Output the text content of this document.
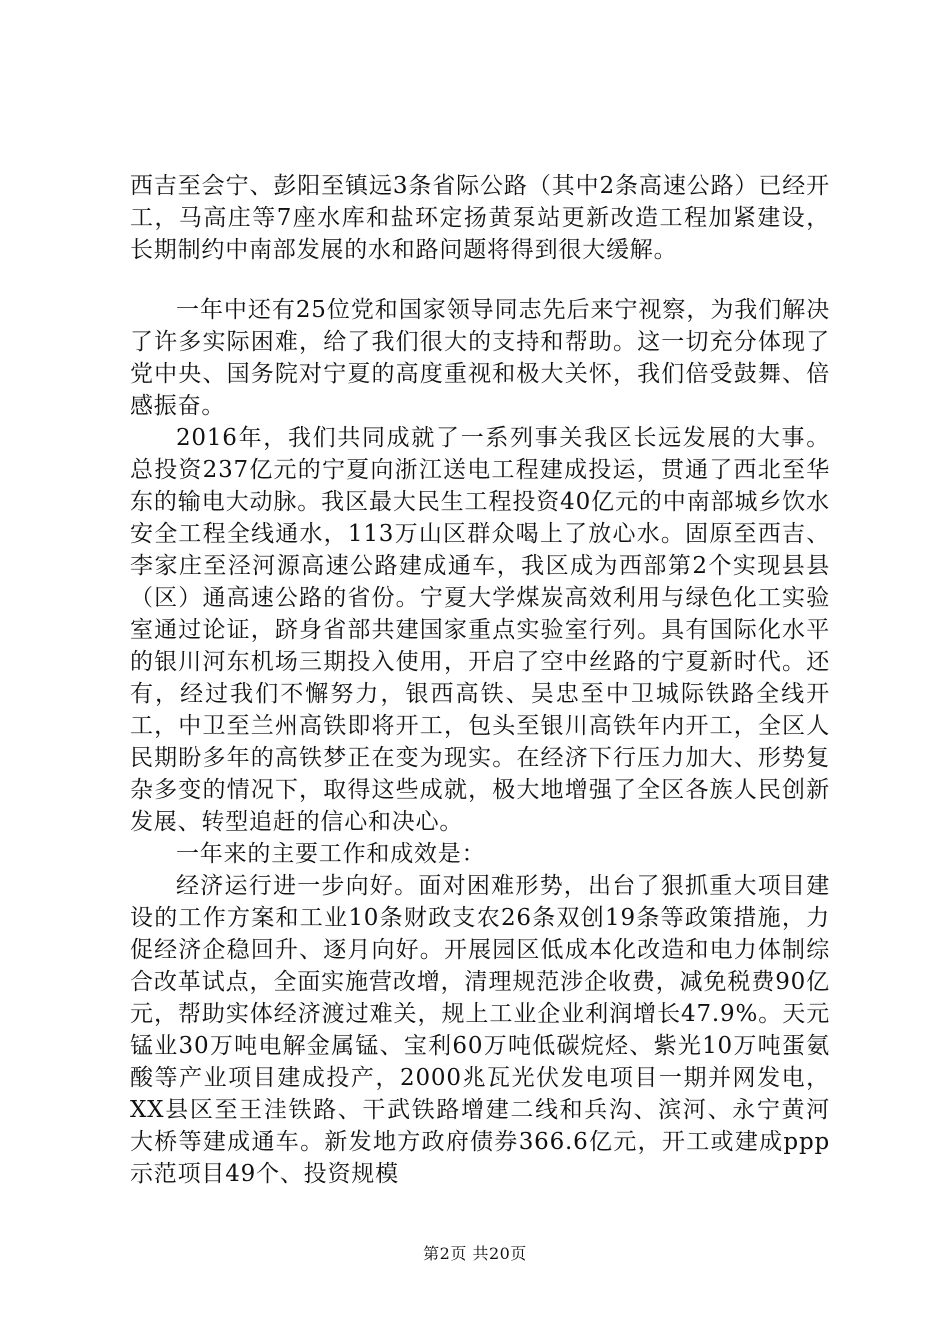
西吉至会宁、彭阳至镇远3条省际公路（其中2条高速公路）已经开工，马高庄等7座水库和盐环定扬黄泵站更新改造工程加紧建设，长期制约中南部发展的水和路问题将得到很大缓解。

一年中还有25位党和国家领导同志先后来宁视察，为我们解决了许多实际困难，给了我们很大的支持和帮助。这一切充分体现了党中央、国务院对宁夏的高度重视和极大关怀，我们倍受鼓舞、倍感振奋。

2016年，我们共同成就了一系列事关我区长远发展的大事。总投资237亿元的宁夏向浙江送电工程建成投运，贯通了西北至华东的输电大动脉。我区最大民生工程投资40亿元的中南部城乡饮水安全工程全线通水，113万山区群众喝上了放心水。固原至西吉、李家庄至泾河源高速公路建成通车，我区成为西部第2个实现县县（区）通高速公路的省份。宁夏大学煤炭高效利用与绿色化工实验室通过论证，跻身省部共建国家重点实验室行列。具有国际化水平的银川河东机场三期投入使用，开启了空中丝路的宁夏新时代。还有，经过我们不懈努力，银西高铁、吴忠至中卫城际铁路全线开工，中卫至兰州高铁即将开工，包头至银川高铁年内开工，全区人民期盼多年的高铁梦正在变为现实。在经济下行压力加大、形势复杂多变的情况下，取得这些成就，极大地增强了全区各族人民创新发展、转型追赶的信心和决心。

一年来的主要工作和成效是：

经济运行进一步向好。面对困难形势，出台了狠抓重大项目建设的工作方案和工业10条财政支农26条双创19条等政策措施，力促经济企稳回升、逐月向好。开展园区低成本化改造和电力体制综合改革试点，全面实施营改增，清理规范涉企收费，减免税费90亿元，帮助实体经济渡过难关，规上工业企业利润增长47.9%。天元锰业30万吨电解金属锰、宝利60万吨低碳烷烃、紫光10万吨蛋氨酸等产业项目建成投产，2000兆瓦光伏发电项目一期并网发电，XX县区至王洼铁路、干武铁路增建二线和兵沟、滨河、永宁黄河大桥等建成通车。新发地方政府债券366.6亿元，开工或建成ppp示范项目49个、投资规模

第2页 共20页
